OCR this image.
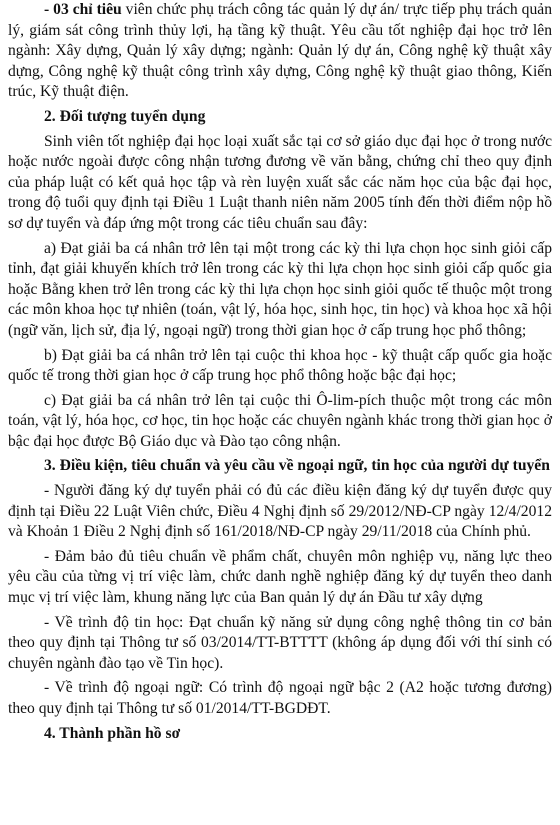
- 03 chỉ tiêu viên chức phụ trách công tác quản lý dự án/ trực tiếp phụ trách quản lý, giám sát công trình thủy lợi, hạ tầng kỹ thuật. Yêu cầu tốt nghiệp đại học trở lên ngành: Xây dựng, Quản lý xây dựng; ngành: Quản lý dự án, Công nghệ kỹ thuật xây dựng, Công nghệ kỹ thuật công trình xây dựng, Công nghệ kỹ thuật giao thông, Kiến trúc, Kỹ thuật điện.

2. Đối tượng tuyển dụng

Sinh viên tốt nghiệp đại học loại xuất sắc tại cơ sở giáo dục đại học ở trong nước hoặc nước ngoài được công nhận tương đương về văn bằng, chứng chỉ theo quy định của pháp luật có kết quả học tập và rèn luyện xuất sắc các năm học của bậc đại học, trong độ tuổi quy định tại Điều 1 Luật thanh niên năm 2005 tính đến thời điểm nộp hồ sơ dự tuyển và đáp ứng một trong các tiêu chuẩn sau đây:

a) Đạt giải ba cá nhân trở lên tại một trong các kỳ thi lựa chọn học sinh giỏi cấp tỉnh, đạt giải khuyến khích trở lên trong các kỳ thi lựa chọn học sinh giỏi cấp quốc gia hoặc Bằng khen trở lên trong các kỳ thi lựa chọn học sinh giỏi quốc tế thuộc một trong các môn khoa học tự nhiên (toán, vật lý, hóa học, sinh học, tin học) và khoa học xã hội (ngữ văn, lịch sử, địa lý, ngoại ngữ) trong thời gian học ở cấp trung học phổ thông;

b) Đạt giải ba cá nhân trở lên tại cuộc thi khoa học - kỹ thuật cấp quốc gia hoặc quốc tế trong thời gian học ở cấp trung học phổ thông hoặc bậc đại học;

c) Đạt giải ba cá nhân trở lên tại cuộc thi Ô-lim-pích thuộc một trong các môn toán, vật lý, hóa học, cơ học, tin học hoặc các chuyên ngành khác trong thời gian học ở bậc đại học được Bộ Giáo dục và Đào tạo công nhận.

3. Điều kiện, tiêu chuẩn và yêu cầu về ngoại ngữ, tin học của người dự tuyển

- Người đăng ký dự tuyển phải có đủ các điều kiện đăng ký dự tuyển được quy định tại Điều 22 Luật Viên chức, Điều 4 Nghị định số 29/2012/NĐ-CP ngày 12/4/2012 và Khoản 1 Điều 2 Nghị định số 161/2018/NĐ-CP ngày 29/11/2018 của Chính phủ.

- Đảm bảo đủ tiêu chuẩn về phẩm chất, chuyên môn nghiệp vụ, năng lực theo yêu cầu của từng vị trí việc làm, chức danh nghề nghiệp đăng ký dự tuyển theo danh mục vị trí việc làm, khung năng lực của Ban quản lý dự án Đầu tư xây dựng

- Về trình độ tin học: Đạt chuẩn kỹ năng sử dụng công nghệ thông tin cơ bản theo quy định tại Thông tư số 03/2014/TT-BTTTT (không áp dụng đối với thí sinh có chuyên ngành đào tạo về Tin học).

- Về trình độ ngoại ngữ: Có trình độ ngoại ngữ bậc 2 (A2 hoặc tương đương) theo quy định tại Thông tư số 01/2014/TT-BGDĐT.

4. Thành phần hồ sơ
